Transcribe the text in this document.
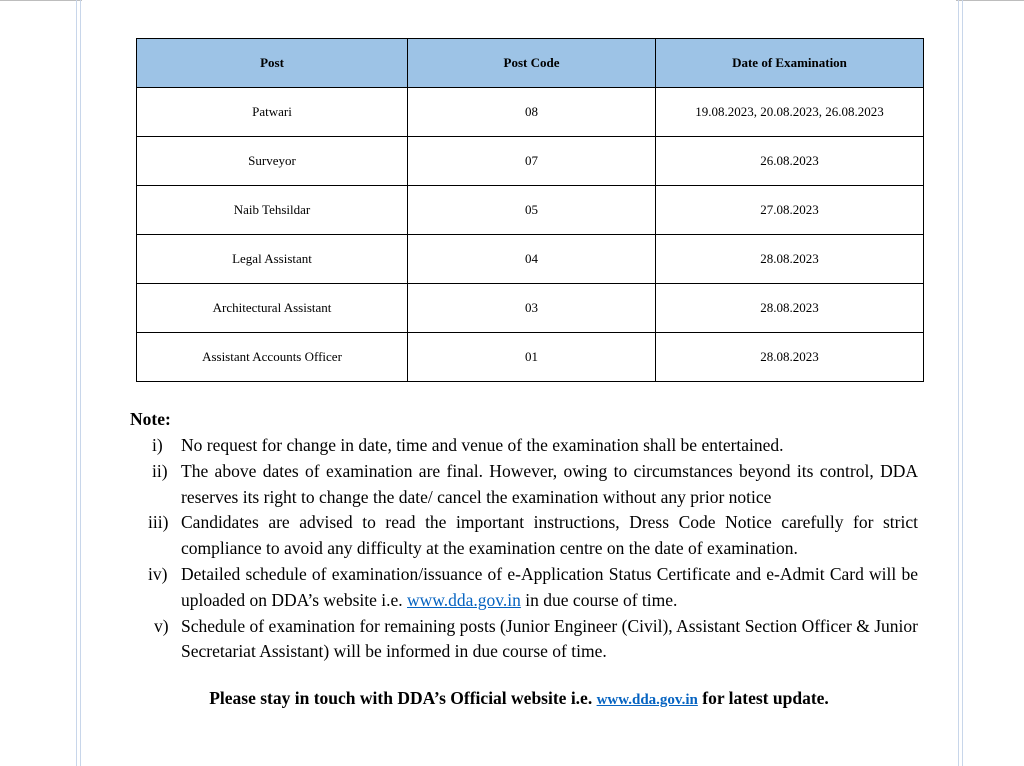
Post	Post Code	Date of Examination
Patwari	08	19.08.2023, 20.08.2023, 26.08.2023
Surveyor	07	26.08.2023
Naib Tehsildar	05	27.08.2023
Legal Assistant	04	28.08.2023
Architectural Assistant	03	28.08.2023
Assistant Accounts Officer	01	28.08.2023
Note:
i) No request for change in date, time and venue of the examination shall be entertained.
ii) The above dates of examination are final. However, owing to circumstances beyond its control, DDA reserves its right to change the date/ cancel the examination without any prior notice
iii) Candidates are advised to read the important instructions, Dress Code Notice carefully for strict compliance to avoid any difficulty at the examination centre on the date of examination.
iv) Detailed schedule of examination/issuance of e-Application Status Certificate and e-Admit Card will be uploaded on DDA’s website i.e. www.dda.gov.in in due course of time.
v) Schedule of examination for remaining posts (Junior Engineer (Civil), Assistant Section Officer & Junior Secretariat Assistant) will be informed in due course of time.
Please stay in touch with DDA’s Official website i.e. www.dda.gov.in for latest update.
